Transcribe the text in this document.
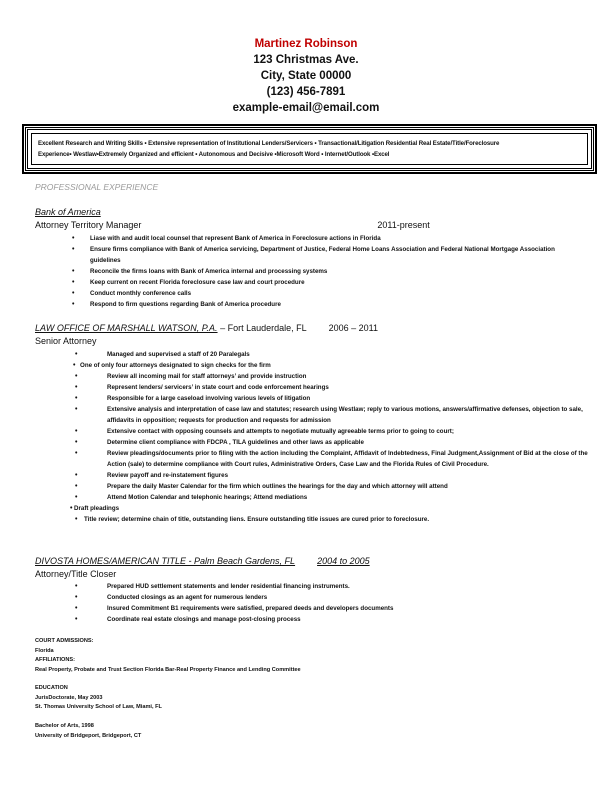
Martinez Robinson
123 Christmas Ave.
City, State 00000
(123) 456-7891
example-email@email.com
Excellent Research and Writing Skills • Extensive representation of Institutional Lenders/Servicers • Transactional/Litigation Residential Real Estate/Title/Foreclosure
Experience• Westlaw•Extremely Organized and efficient • Autonomous and Decisive •Microsoft Word • Internet/Outlook •Excel
PROFESSIONAL EXPERIENCE
Bank of America
Attorney Territory Manager	2011-present
•	Liase with and audit local counsel that represent Bank of America in Foreclosure actions in Florida
•	Ensure firms compliance with Bank of America servicing, Department of Justice, Federal Home Loans Association and Federal National Mortgage Association guidelines
•	Reconcile the firms loans with Bank of America internal and processing systems
•	Keep current on recent Florida foreclosure case law and court procedure
•	Conduct monthly conference calls
•	Respond to firm questions regarding Bank of America procedure
LAW OFFICE OF MARSHALL WATSON, P.A. – Fort Lauderdale, FL 2006 – 2011
Senior Attorney
•	Managed and supervised a staff of 20 Paralegals
• One of only four attorneys designated to sign checks for the firm
•	Review all incoming mail for staff attorneys’ and provide instruction
•	Represent lenders/ servicers’ in state court and code enforcement hearings
•	Responsible for a large caseload involving various levels of litigation
•	Extensive analysis and interpretation of case law and statutes; research using Westlaw; reply to various motions, answers/affirmative defenses, objection to sale, affidavits in opposition; requests for production and requests for admission
•	Extensive contact with opposing counsels and attempts to negotiate mutually agreeable terms prior to going to court;
•	Determine client compliance with FDCPA , TILA guidelines and other laws as applicable
•	Review pleadings/documents prior to filing with the action including the Complaint, Affidavit of Indebtedness, Final Judgment,Assignment of Bid at the close of the Action (sale) to determine compliance with Court rules, Administrative Orders, Case Law and the Florida Rules of Civil Procedure.
•	Review payoff and re-instatement figures
•	Prepare the daily Master Calendar for the firm which outlines the hearings for the day and which attorney will attend
•	Attend Motion Calendar and telephonic hearings; Attend mediations
• Draft pleadings
• Title review; determine chain of title, outstanding liens. Ensure outstanding title issues are cured prior to foreclosure.
DIVOSTA HOMES/AMERICAN TITLE - Palm Beach Gardens, FL 2004 to 2005
Attorney/Title Closer
•	Prepared HUD settlement statements and lender residential financing instruments.
•	Conducted closings as an agent for numerous lenders
•	Insured Commitment B1 requirements were satisfied, prepared deeds and developers documents
•	Coordinate real estate closings and manage post-closing process
COURT ADMISSIONS:
Florida
AFFILIATIONS:
Real Property, Probate and Trust Section Florida Bar-Real Property Finance and Lending Committee
EDUCATION
JurisDoctorate, May 2003
St. Thomas University School of Law, Miami, FL
Bachelor of Arts, 1998
University of Bridgeport, Bridgeport, CT
